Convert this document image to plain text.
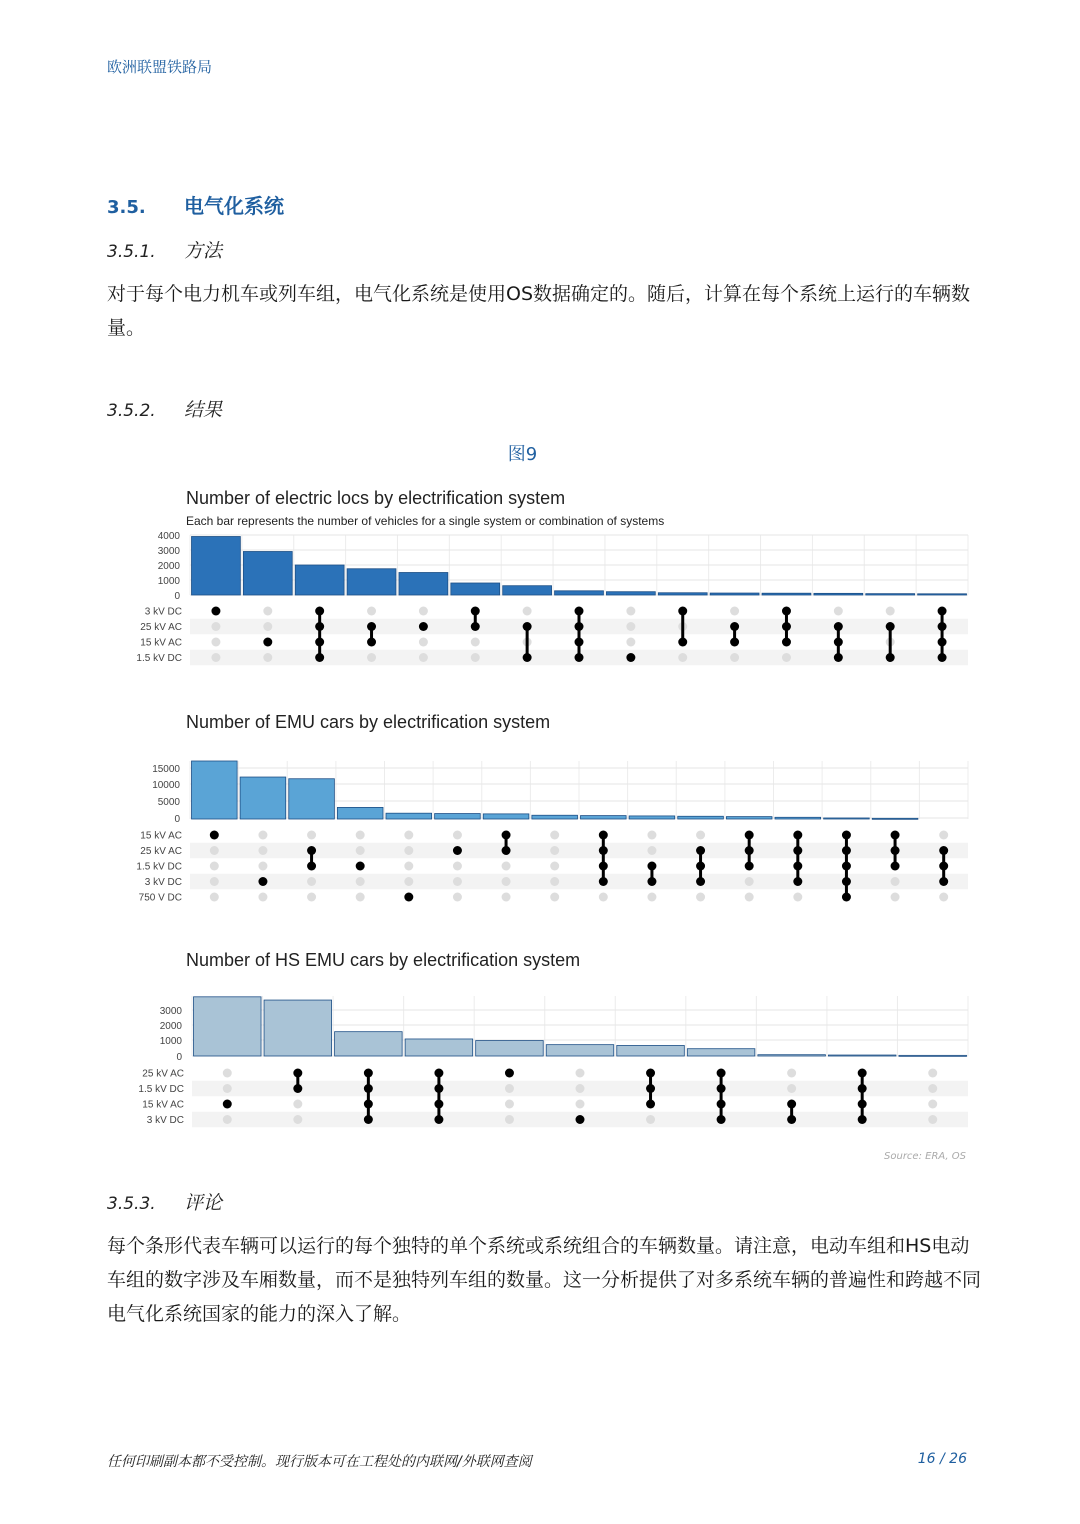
欧洲联盟铁路局
3.5. 电气化系统
3.5.1. 方法
对于每个电力机车或列车组，电气化系统是使用OS数据确定的。随后，计算在每个系统上运行的车辆数量。
3.5.2. 结果
图9
Number of electric locs by electrification system
Each bar represents the number of vehicles for a single system or combination of systems
4000
3000
2000
1000
0
3 kV DC
25 kV AC
15 kV AC
1.5 kV DC
Number of EMU cars by electrification system
15000
10000
5000
0
15 kV AC
25 kV AC
1.5 kV DC
3 kV DC
750 V DC
Number of HS EMU cars by electrification system
3000
2000
1000
0
25 kV AC
1.5 kV DC
15 kV AC
3 kV DC
Source: ERA, OS
3.5.3. 评论
每个条形代表车辆可以运行的每个独特的单个系统或系统组合的车辆数量。请注意，电动车组和HS电动车组的数字涉及车厢数量，而不是独特列车组的数量。这一分析提供了对多系统车辆的普遍性和跨越不同电气化系统国家的能力的深入了解。
任何印刷副本都不受控制。现行版本可在工程处的内联网/外联网查阅	16 / 26
